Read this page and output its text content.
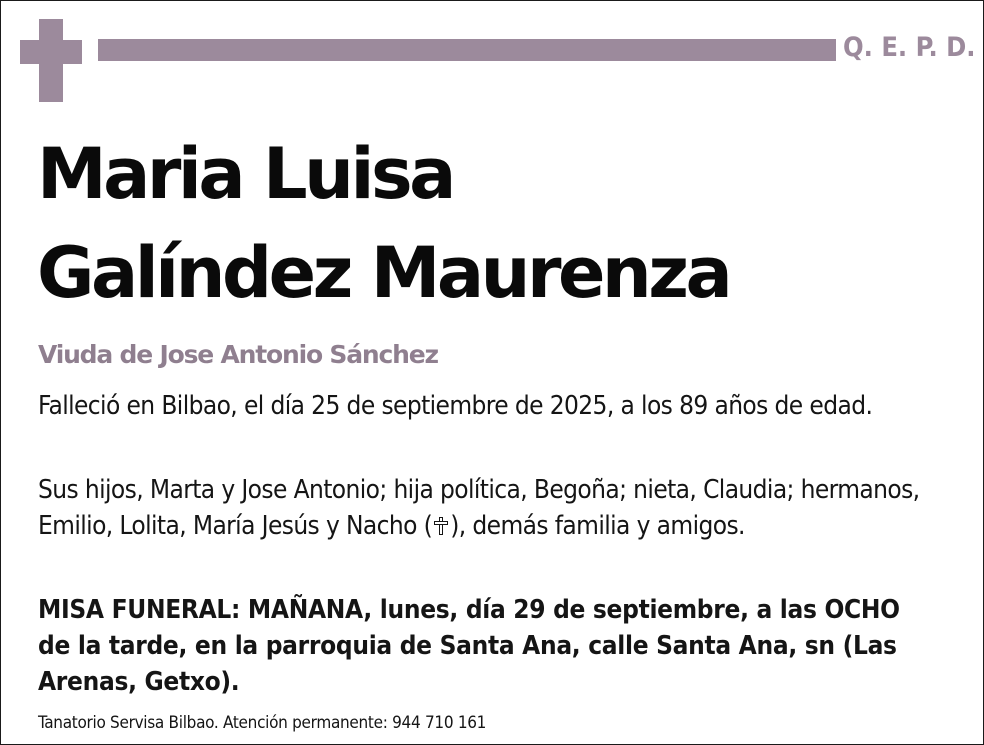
Q. E. P. D.
Maria Luisa
Galíndez Maurenza
Viuda de Jose Antonio Sánchez
Falleció en Bilbao, el día 25 de septiembre de 2025, a los 89 años de edad.
Sus hijos, Marta y Jose Antonio; hija política, Begoña; nieta, Claudia; hermanos, Emilio, Lolita, María Jesús y Nacho ( ), demás familia y amigos.
MISA FUNERAL: MAÑANA, lunes, día 29 de septiembre, a las OCHO de la tarde, en la parroquia de Santa Ana, calle Santa Ana, sn (Las Arenas, Getxo).
Tanatorio Servisa Bilbao. Atención permanente: 944 710 161
